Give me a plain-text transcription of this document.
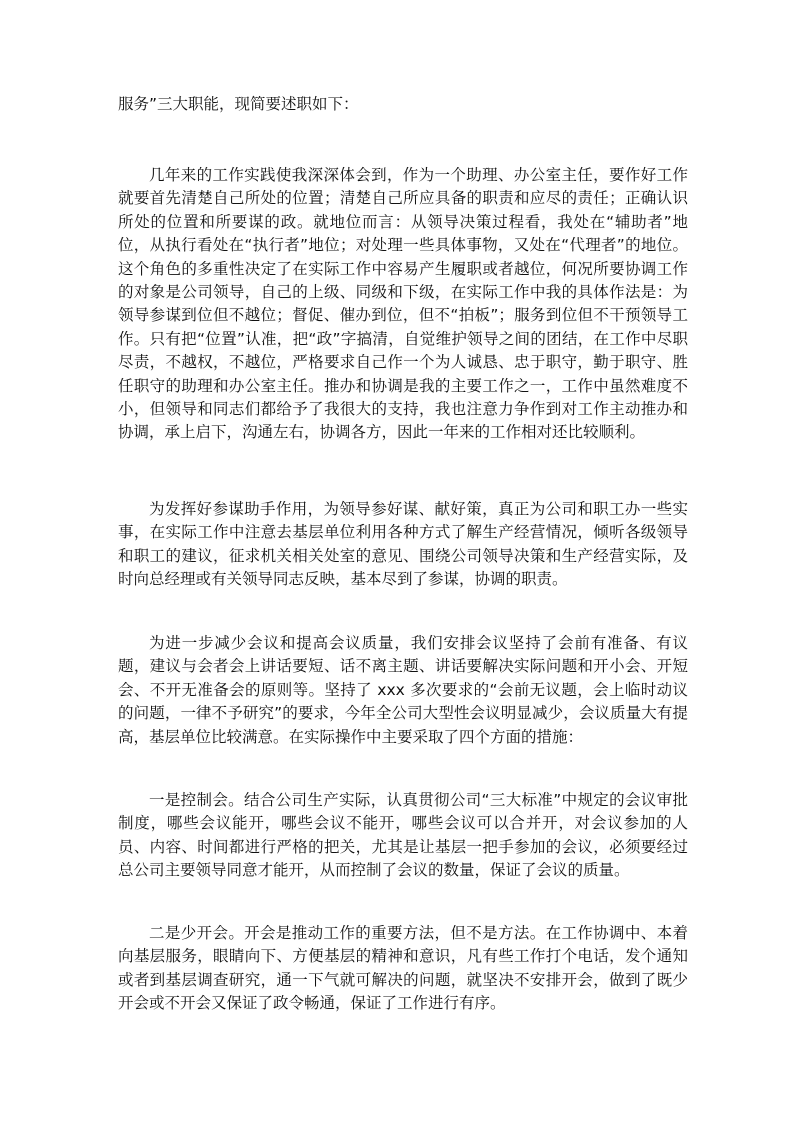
服务”三大职能，现简要述职如下：

几年来的工作实践使我深深体会到，作为一个助理、办公室主任，要作好工作就要首先清楚自己所处的位置；清楚自己所应具备的职责和应尽的责任；正确认识所处的位置和所要谋的政。就地位而言：从领导决策过程看，我处在“辅助者”地位，从执行看处在“执行者”地位；对处理一些具体事物，又处在“代理者”的地位。这个角色的多重性决定了在实际工作中容易产生履职或者越位，何况所要协调工作的对象是公司领导，自己的上级、同级和下级，在实际工作中我的具体作法是：为领导参谋到位但不越位；督促、催办到位，但不“拍板”；服务到位但不干预领导工作。只有把“位置”认准，把“政”字搞清，自觉维护领导之间的团结，在工作中尽职尽责，不越权，不越位，严格要求自己作一个为人诚恳、忠于职守，勤于职守、胜任职守的助理和办公室主任。推办和协调是我的主要工作之一，工作中虽然难度不小，但领导和同志们都给予了我很大的支持，我也注意力争作到对工作主动推办和协调，承上启下，沟通左右，协调各方，因此一年来的工作相对还比较顺利。

为发挥好参谋助手作用，为领导参好谋、献好策，真正为公司和职工办一些实事，在实际工作中注意去基层单位利用各种方式了解生产经营情况，倾听各级领导和职工的建议，征求机关相关处室的意见、围绕公司领导决策和生产经营实际，及时向总经理或有关领导同志反映，基本尽到了参谋，协调的职责。

为进一步减少会议和提高会议质量，我们安排会议坚持了会前有准备、有议题，建议与会者会上讲话要短、话不离主题、讲话要解决实际问题和开小会、开短会、不开无准备会的原则等。坚持了 xxx 多次要求的“会前无议题，会上临时动议的问题，一律不予研究”的要求，今年全公司大型性会议明显减少，会议质量大有提高，基层单位比较满意。在实际操作中主要采取了四个方面的措施：

一是控制会。结合公司生产实际，认真贯彻公司“三大标准”中规定的会议审批制度，哪些会议能开，哪些会议不能开，哪些会议可以合并开，对会议参加的人员、内容、时间都进行严格的把关，尤其是让基层一把手参加的会议，必须要经过总公司主要领导同意才能开，从而控制了会议的数量，保证了会议的质量。

二是少开会。开会是推动工作的重要方法，但不是方法。在工作协调中、本着向基层服务，眼睛向下、方便基层的精神和意识，凡有些工作打个电话，发个通知或者到基层调查研究，通一下气就可解决的问题，就坚决不安排开会，做到了既少开会或不开会又保证了政令畅通，保证了工作进行有序。
